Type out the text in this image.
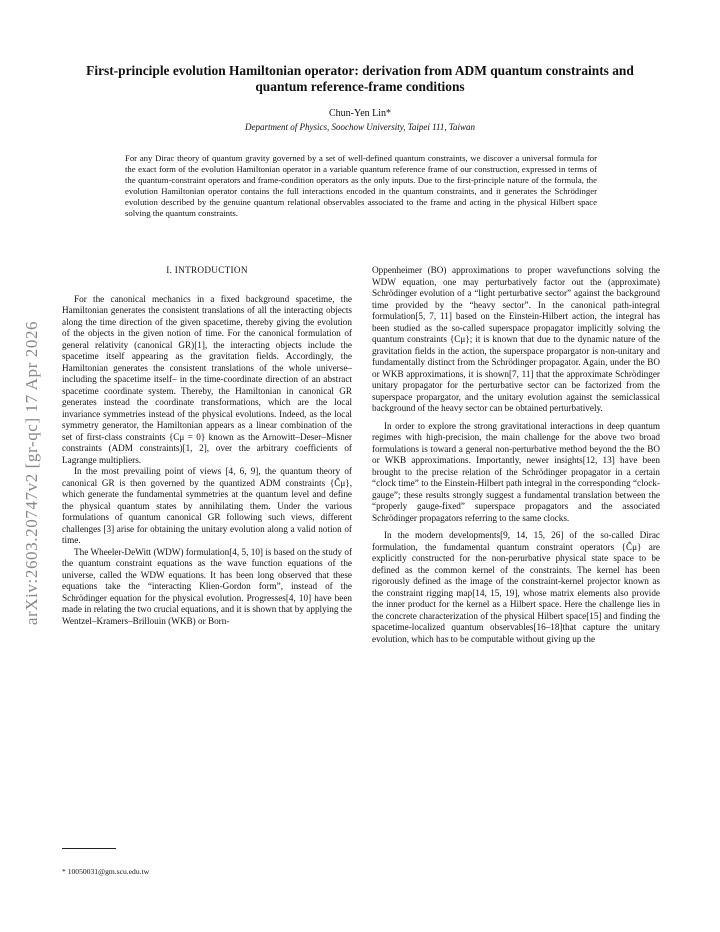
arXiv:2603.20747v2 [gr-qc] 17 Apr 2026
First-principle evolution Hamiltonian operator: derivation from ADM quantum constraints and quantum reference-frame conditions
Chun-Yen Lin*
Department of Physics, Soochow University, Taipei 111, Taiwan
For any Dirac theory of quantum gravity governed by a set of well-defined quantum constraints, we discover a universal formula for the exact form of the evolution Hamiltonian operator in a variable quantum reference frame of our construction, expressed in terms of the quantum-constraint operators and frame-condition operators as the only inputs. Due to the first-principle nature of the formula, the evolution Hamiltonian operator contains the full interactions encoded in the quantum constraints, and it generates the Schrödinger evolution described by the genuine quantum relational observables associated to the frame and acting in the physical Hilbert space solving the quantum constraints.
I. INTRODUCTION

For the canonical mechanics in a fixed background spacetime, the Hamiltonian generates the consistent translations of all the interacting objects along the time direction of the given spacetime, thereby giving the evolution of the objects in the given notion of time. For the canonical formulation of general relativity (canonical GR)[1], the interacting objects include the spacetime itself appearing as the gravitation fields. Accordingly, the Hamiltonian generates the consistent translations of the whole universe–including the spacetime itself– in the time-coordinate direction of an abstract spacetime coordinate system. Thereby, the Hamiltonian in canonical GR generates instead the coordinate transformations, which are the local invariance symmetries instead of the physical evolutions. Indeed, as the local symmetry generator, the Hamiltonian appears as a linear combination of the set of first-class constraints {Cμ = 0} known as the Arnowitt–Deser–Misner constraints (ADM constraints)[1, 2], over the arbitrary coefficients of Lagrange multipliers.

In the most prevailing point of views [4, 6, 9], the quantum theory of canonical GR is then governed by the quantized ADM constraints {Ĉμ}, which generate the fundamental symmetries at the quantum level and define the physical quantum states by annihilating them. Under the various formulations of quantum canonical GR following such views, different challenges [3] arise for obtaining the unitary evolution along a valid notion of time.

The Wheeler-DeWitt (WDW) formulation[4, 5, 10] is based on the study of the quantum constraint equations as the wave function equations of the universe, called the WDW equations. It has been long observed that these equations take the “interacting Klien-Gordon form”, instead of the Schrödinger equation for the physical evolution. Progresses[4, 10] have been made in relating the two crucial equations, and it is shown that by applying the Wentzel–Kramers–Brillouin (WKB) or Born-

Oppenheimer (BO) approximations to proper wavefunctions solving the WDW equation, one may perturbatively factor out the (approximate) Schrödinger evolution of a “light perturbative sector” against the background time provided by the “heavy sector”. In the canonical path-integral formulation[5, 7, 11] based on the Einstein-Hilbert action, the integral has been studied as the so-called superspace propagator implicitly solving the quantum constraints {Cμ}; it is known that due to the dynamic nature of the gravitation fields in the action, the superspace propargator is non-unitary and fundamentally distinct from the Schrödinger propagator. Again, under the BO or WKB approximations, it is shown[7, 11] that the approximate Schrödinger unitary propagator for the perturbative sector can be factorized from the superspace propargator, and the unitary evolution against the semiclassical background of the heavy sector can be obtained perturbatively.

In order to explore the strong gravitational interactions in deep quantum regimes with high-precision, the main challenge for the above two broad formulations is toward a general non-perturbative method beyond the the BO or WKB approximations. Importantly, newer insights[12, 13] have been brought to the precise relation of the Schrödinger propagator in a certain “clock time” to the Einstein-Hilbert path integral in the corresponding “clock-gauge”; these results strongly suggest a fundamental translation between the “properly gauge-fixed” superspace propagators and the associated Schrödinger propagators referring to the same clocks.

In the modern developments[9, 14, 15, 26] of the so-called Dirac formulation, the fundamental quantum constraint operators {Ĉμ} are explicitly constructed for the non-perurbative physical state space to be defined as the common kernel of the constraints. The kernel has been rigorously defined as the image of the constraint-kernel projector known as the constraint rigging map[14, 15, 19], whose matrix elements also provide the inner product for the kernel as a Hilbert space. Here the challenge lies in the concrete characterization of the physical Hilbert space[15] and finding the spacetime-localized quantum observables[16–18]that capture the unitary evolution, which has to be computable without giving up the

* 10050031@gm.scu.edu.tw
